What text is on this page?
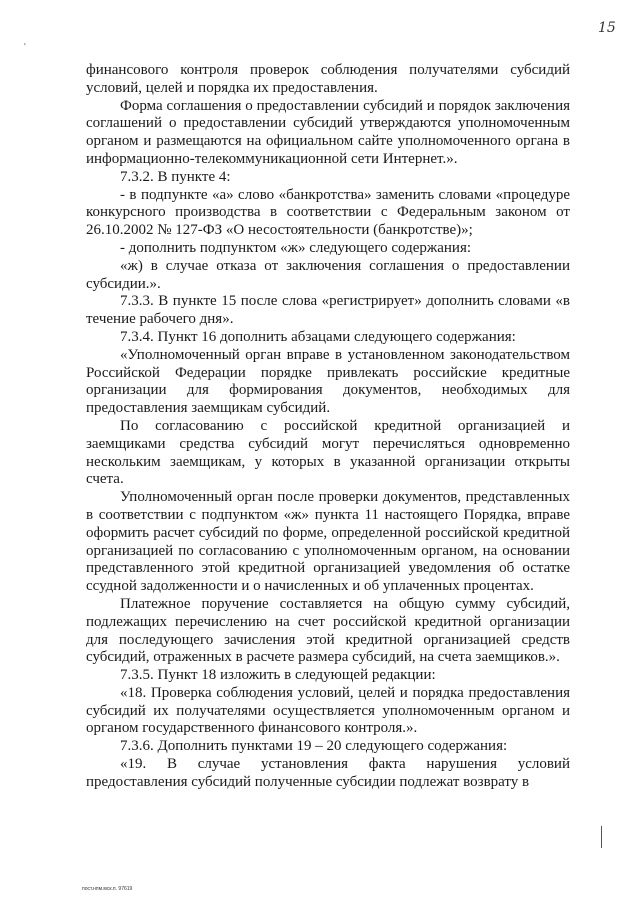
'
15

финансового контроля проверок соблюдения получателями субсидий условий, целей и порядка их предоставления.

Форма соглашения о предоставлении субсидий и порядок заключения соглашений о предоставлении субсидий утверждаются уполномоченным органом и размещаются на официальном сайте уполномоченного органа в информационно-телекоммуникационной сети Интернет.».

7.3.2. В пункте 4:

- в подпункте «а» слово «банкротства» заменить словами «процедуре конкурсного производства в соответствии с Федеральным законом от 26.10.2002 № 127-ФЗ «О несостоятельности (банкротстве)»;

- дополнить подпунктом «ж» следующего содержания:

«ж) в случае отказа от заключения соглашения о предоставлении субсидии.».

7.3.3. В пункте 15 после слова «регистрирует» дополнить словами «в течение рабочего дня».

7.3.4. Пункт 16 дополнить абзацами следующего содержания:

«Уполномоченный орган вправе в установленном законодательством Российской Федерации порядке привлекать российские кредитные организации для формирования документов, необходимых для предоставления заемщикам субсидий.

По согласованию с российской кредитной организацией и заемщиками средства субсидий могут перечисляться одновременно нескольким заемщикам, у которых в указанной организации открыты счета.

Уполномоченный орган после проверки документов, представленных в соответствии с подпунктом «ж» пункта 11 настоящего Порядка, вправе оформить расчет субсидий по форме, определенной российской кредитной организацией по согласованию с уполномоченным органом, на основании представленного этой кредитной организацией уведомления об остатке ссудной задолженности и о начисленных и об уплаченных процентах.

Платежное поручение составляется на общую сумму субсидий, подлежащих перечислению на счет российской кредитной организации для последующего зачисления этой кредитной организацией средств субсидий, отраженных в расчете размера субсидий, на счета заемщиков.».

7.3.5. Пункт 18 изложить в следующей редакции:

«18. Проверка соблюдения условий, целей и порядка предоставления субсидий их получателями осуществляется уполномоченным органом и органом государственного финансового контроля.».

7.3.6. Дополнить пунктами 19 – 20 следующего содержания:

«19. В случае установления факта нарушения условий предоставления субсидий полученные субсидии подлежат возврату в

пост.нпм.мск.п. 97619
